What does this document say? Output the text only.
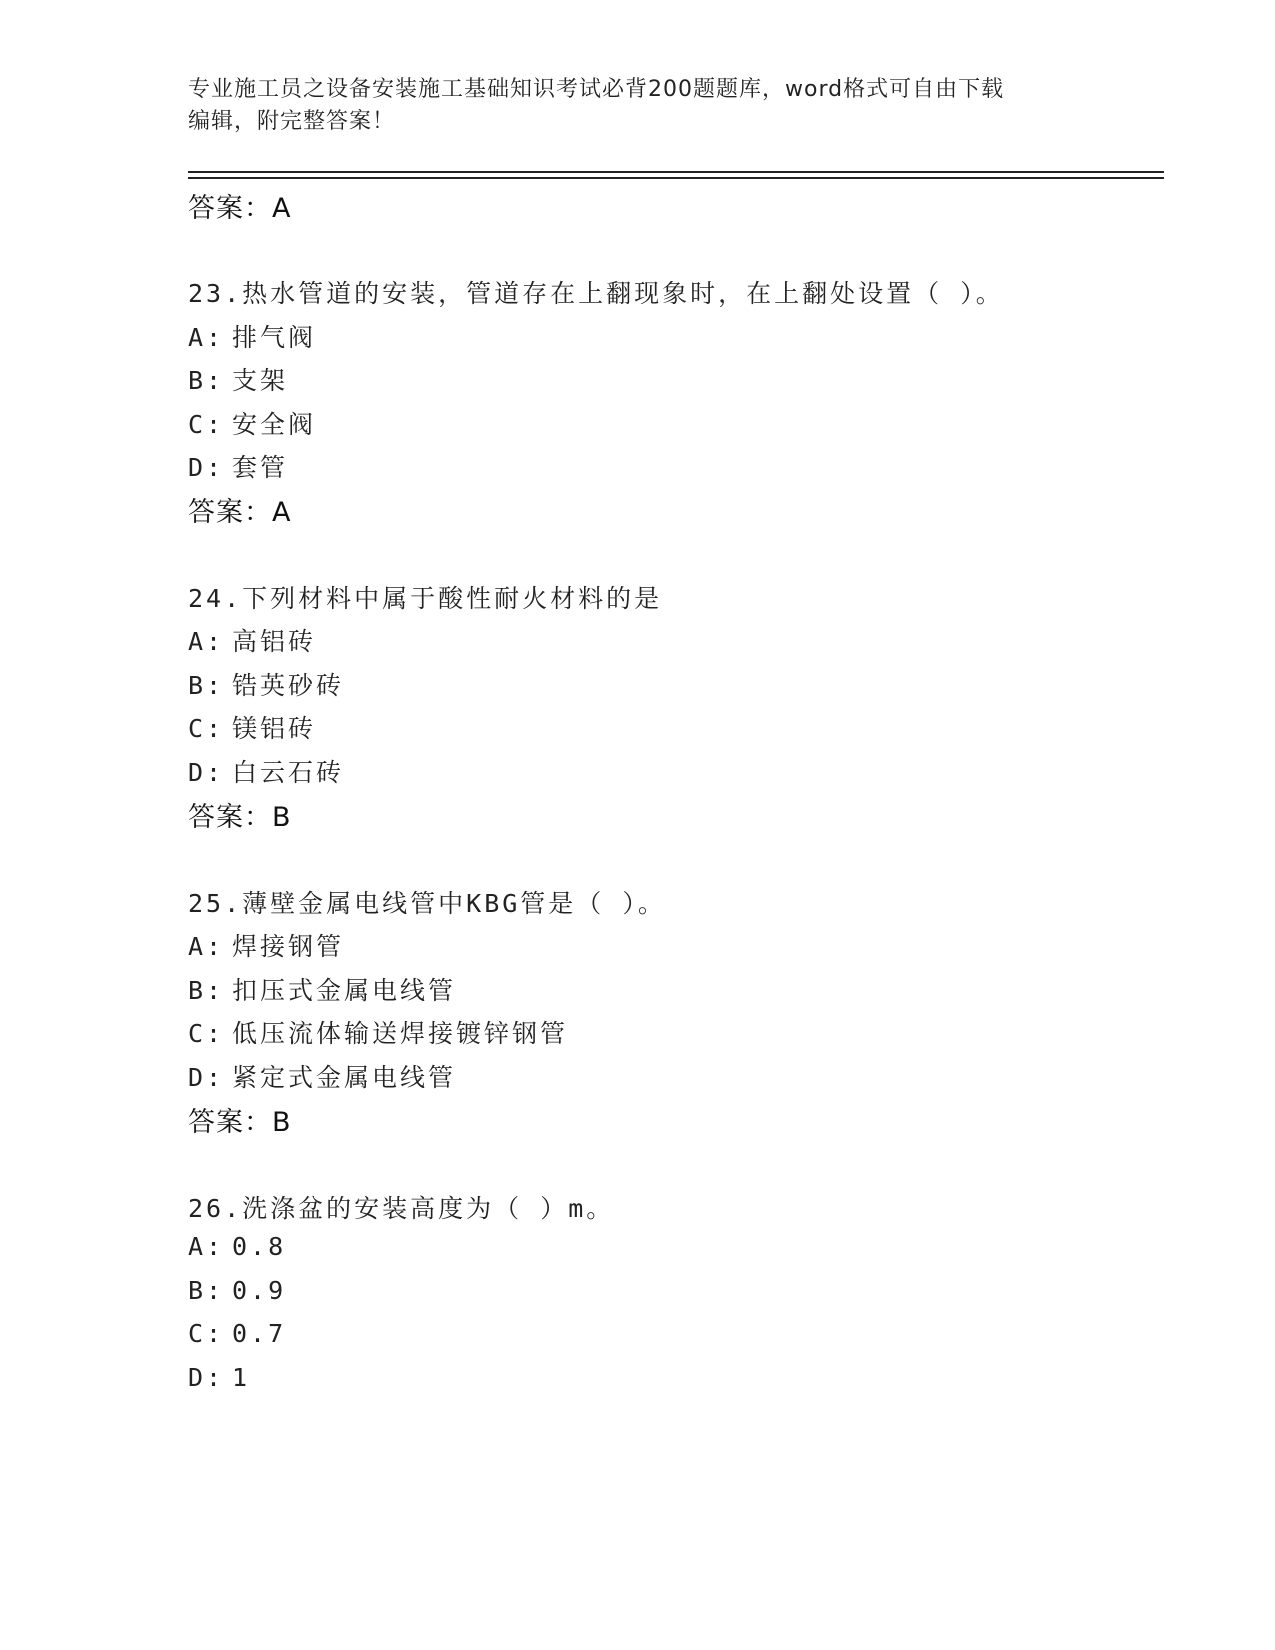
专业施工员之设备安装施工基础知识考试必背200题题库，word格式可自由下载
编辑，附完整答案！
答案：A
23.热水管道的安装，管道存在上翻现象时，在上翻处设置（ ）。
A: 排气阀
B: 支架
C: 安全阀
D: 套管
答案：A
24.下列材料中属于酸性耐火材料的是
A: 高铝砖
B: 锆英砂砖
C: 镁铝砖
D: 白云石砖
答案：B
25.薄壁金属电线管中KBG管是（ ）。
A: 焊接钢管
B: 扣压式金属电线管
C: 低压流体输送焊接镀锌钢管
D: 紧定式金属电线管
答案：B
26.洗涤盆的安装高度为（ ）m。
A: 0.8
B: 0.9
C: 0.7
D: 1
